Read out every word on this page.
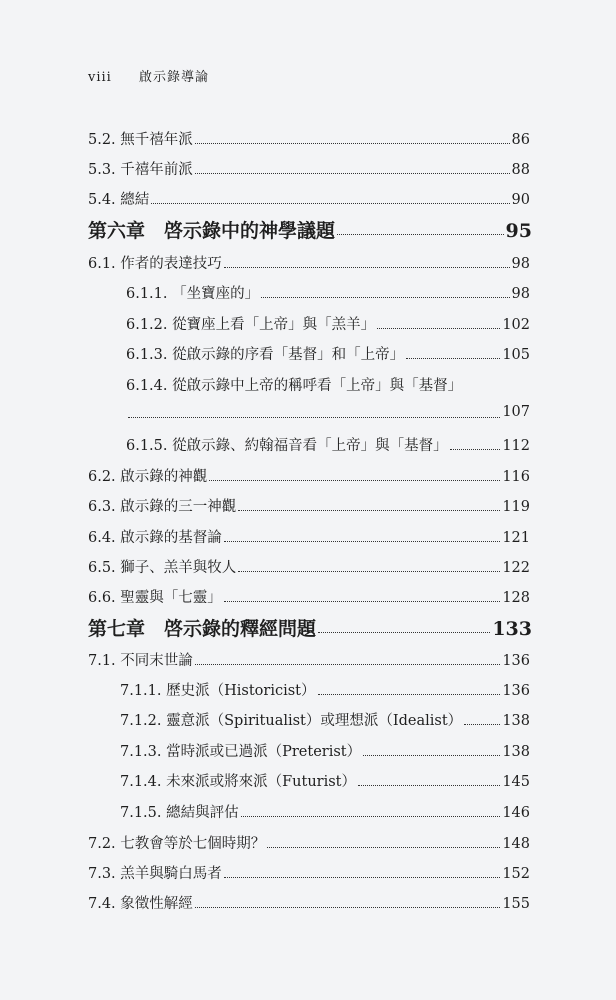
viii 啟示錄導論
5.2. 無千禧年派	86
5.3. 千禧年前派	88
5.4. 總結	90
第六章　啓示錄中的神學議題	95
6.1. 作者的表達技巧	98
6.1.1. 「坐寶座的」	98
6.1.2. 從寶座上看「上帝」與「羔羊」	102
6.1.3. 從啟示錄的序看「基督」和「上帝」	105
6.1.4. 從啟示錄中上帝的稱呼看「上帝」與「基督」
107
6.1.5. 從啟示錄、約翰福音看「上帝」與「基督」	112
6.2. 啟示錄的神觀	116
6.3. 啟示錄的三一神觀	119
6.4. 啟示錄的基督論	121
6.5. 獅子、羔羊與牧人	122
6.6. 聖靈與「七靈」	128
第七章　啓示錄的釋經問題	133
7.1. 不同末世論	136
7.1.1. 歷史派（Historicist）	136
7.1.2. 靈意派（Spiritualist）或理想派（Idealist）	138
7.1.3. 當時派或已過派（Preterist）	138
7.1.4. 未來派或將來派（Futurist）	145
7.1.5. 總結與評估	146
7.2. 七教會等於七個時期？	148
7.3. 羔羊與騎白馬者	152
7.4. 象徵性解經	155
